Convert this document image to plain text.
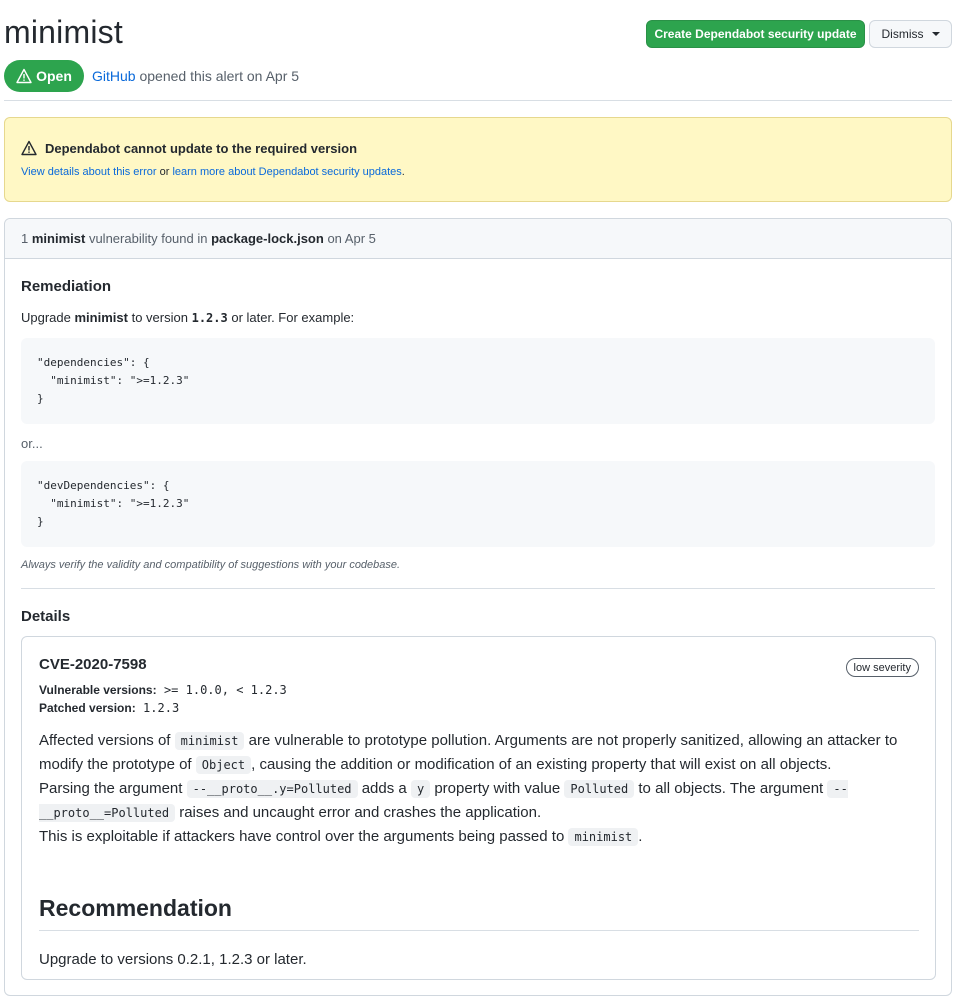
minimist	Create Dependabot security update Dismiss
Open GitHub opened this alert on Apr 5
Dependabot cannot update to the required version
View details about this error or learn more about Dependabot security updates.
1 minimist vulnerability found in package-lock.json on Apr 5
Remediation
Upgrade minimist to version 1.2.3 or later. For example:
"dependencies": {
"minimist": ">=1.2.3"
}
or...
"devDependencies": {
"minimist": ">=1.2.3"
}
Always verify the validity and compatibility of suggestions with your codebase.
Details
CVE-2020-7598	low severity
Vulnerable versions: >= 1.0.0, < 1.2.3
Patched version: 1.2.3

Affected versions of minimist are vulnerable to prototype pollution. Arguments are not properly sanitized, allowing an attacker to modify the prototype of Object , causing the addition or modification of an existing property that will exist on all objects.

Parsing the argument --__proto__.y=Polluted adds a y property with value Polluted to all objects. The argument --__proto__=Polluted raises and uncaught error and crashes the application.

This is exploitable if attackers have control over the arguments being passed to minimist .

Recommendation
Upgrade to versions 0.2.1, 1.2.3 or later.
